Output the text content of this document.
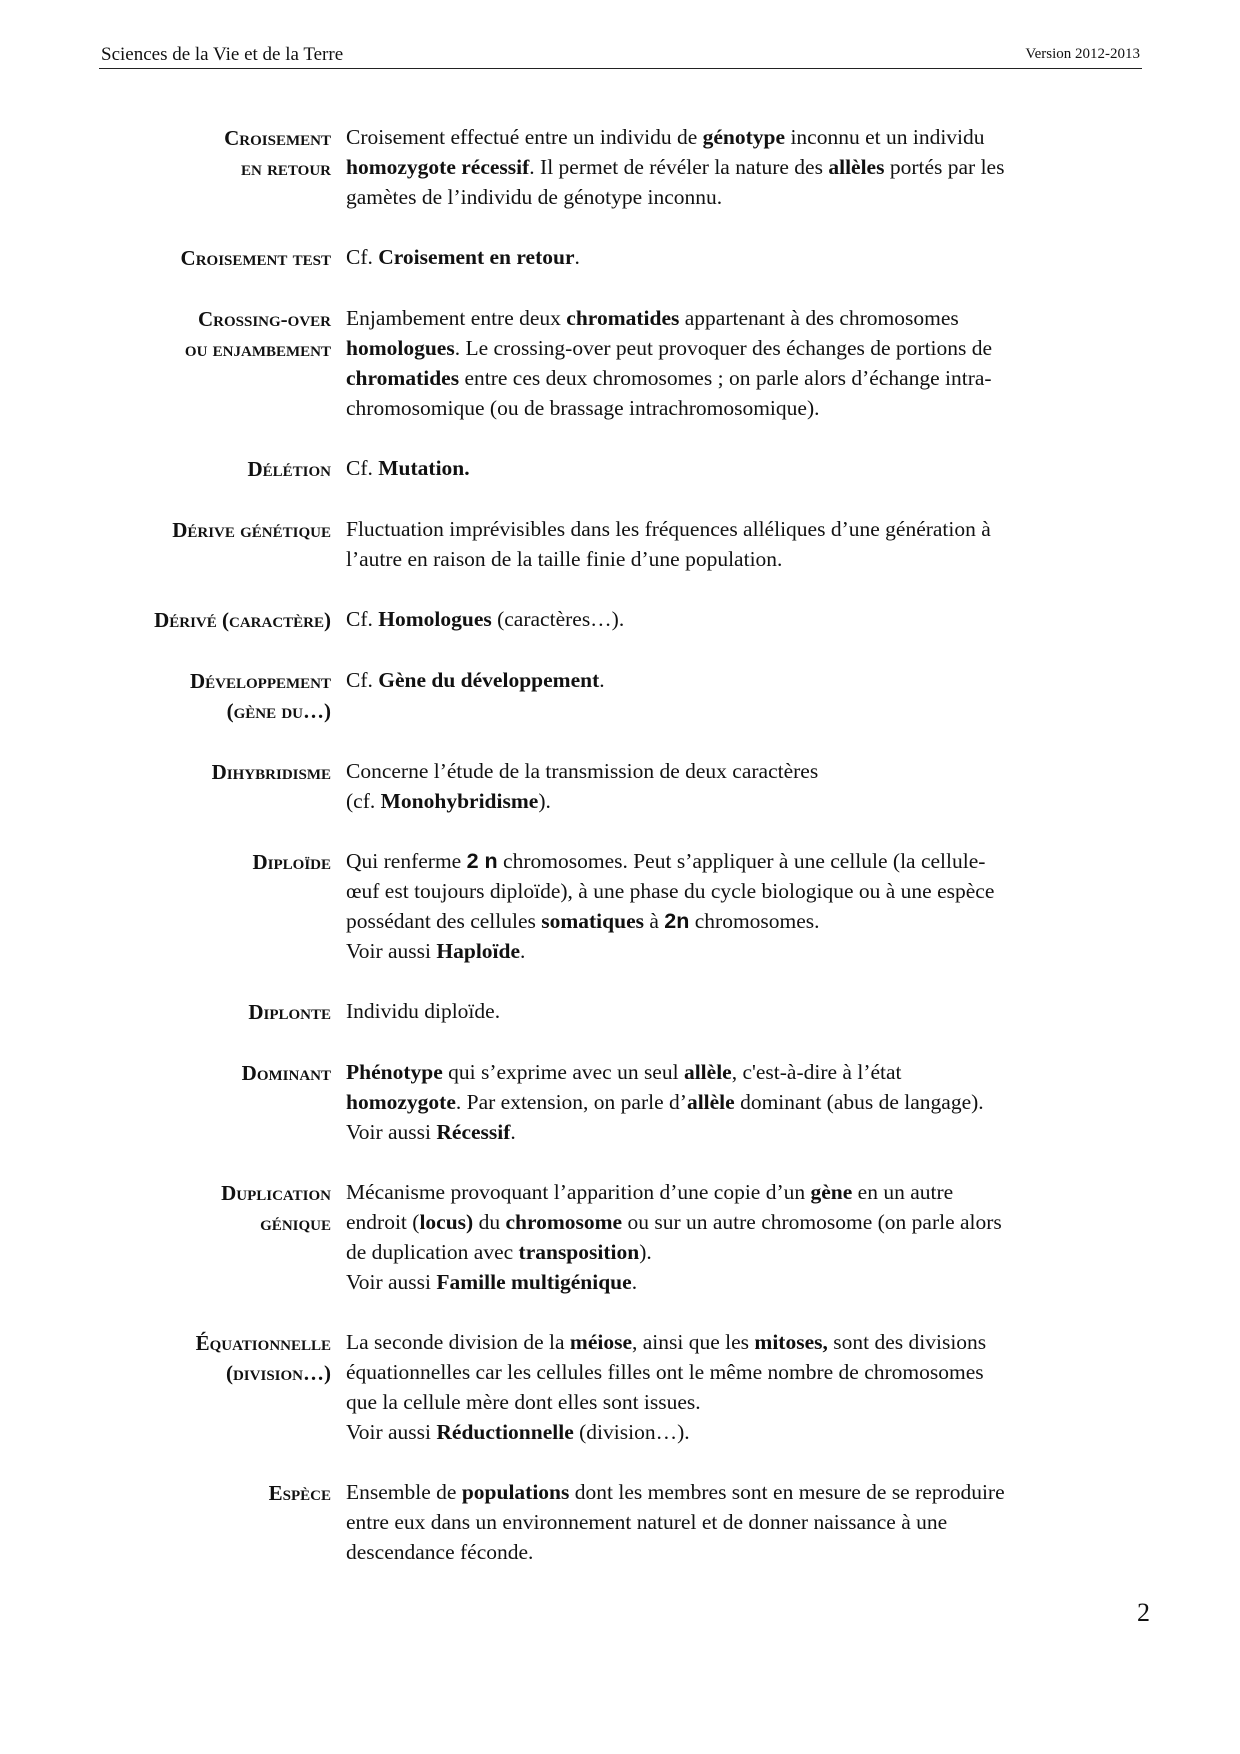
Sciences de la Vie et de la Terre	Version 2012-2013
Croisement
en retour
Croisement effectué entre un individu de génotype inconnu et un individu
homozygote récessif. Il permet de révéler la nature des allèles portés par les
gamètes de l’individu de génotype inconnu.
Croisement test Cf. Croisement en retour.
Crossing-over
ou enjambement
Enjambement entre deux chromatides appartenant à des chromosomes
homologues. Le crossing-over peut provoquer des échanges de portions de
chromatides entre ces deux chromosomes ; on parle alors d’échange intra-
chromosomique (ou de brassage intrachromosomique).
Délétion Cf. Mutation.
Dérive génétique Fluctuation imprévisibles dans les fréquences alléliques d’une génération à
l’autre en raison de la taille finie d’une population.
Dérivé (caractère) Cf. Homologues (caractères…).
Développement
(gène du…)
Cf. Gène du développement.
Dihybridisme Concerne l’étude de la transmission de deux caractères
(cf. Monohybridisme).
Diploïde Qui renferme 2 n chromosomes. Peut s’appliquer à une cellule (la cellule-
œuf est toujours diploïde), à une phase du cycle biologique ou à une espèce
possédant des cellules somatiques à 2n chromosomes.
Voir aussi Haploïde.
Diplonte Individu diploïde.
Dominant Phénotype qui s’exprime avec un seul allèle, c'est-à-dire à l’état
homozygote. Par extension, on parle d’allèle dominant (abus de langage).
Voir aussi Récessif.
Duplication
génique
Mécanisme provoquant l’apparition d’une copie d’un gène en un autre
endroit (locus) du chromosome ou sur un autre chromosome (on parle alors
de duplication avec transposition).
Voir aussi Famille multigénique.
Équationnelle
(division…)
La seconde division de la méiose, ainsi que les mitoses, sont des divisions
équationnelles car les cellules filles ont le même nombre de chromosomes
que la cellule mère dont elles sont issues.
Voir aussi Réductionnelle (division…).
Espèce Ensemble de populations dont les membres sont en mesure de se reproduire
entre eux dans un environnement naturel et de donner naissance à une
descendance féconde.
2
